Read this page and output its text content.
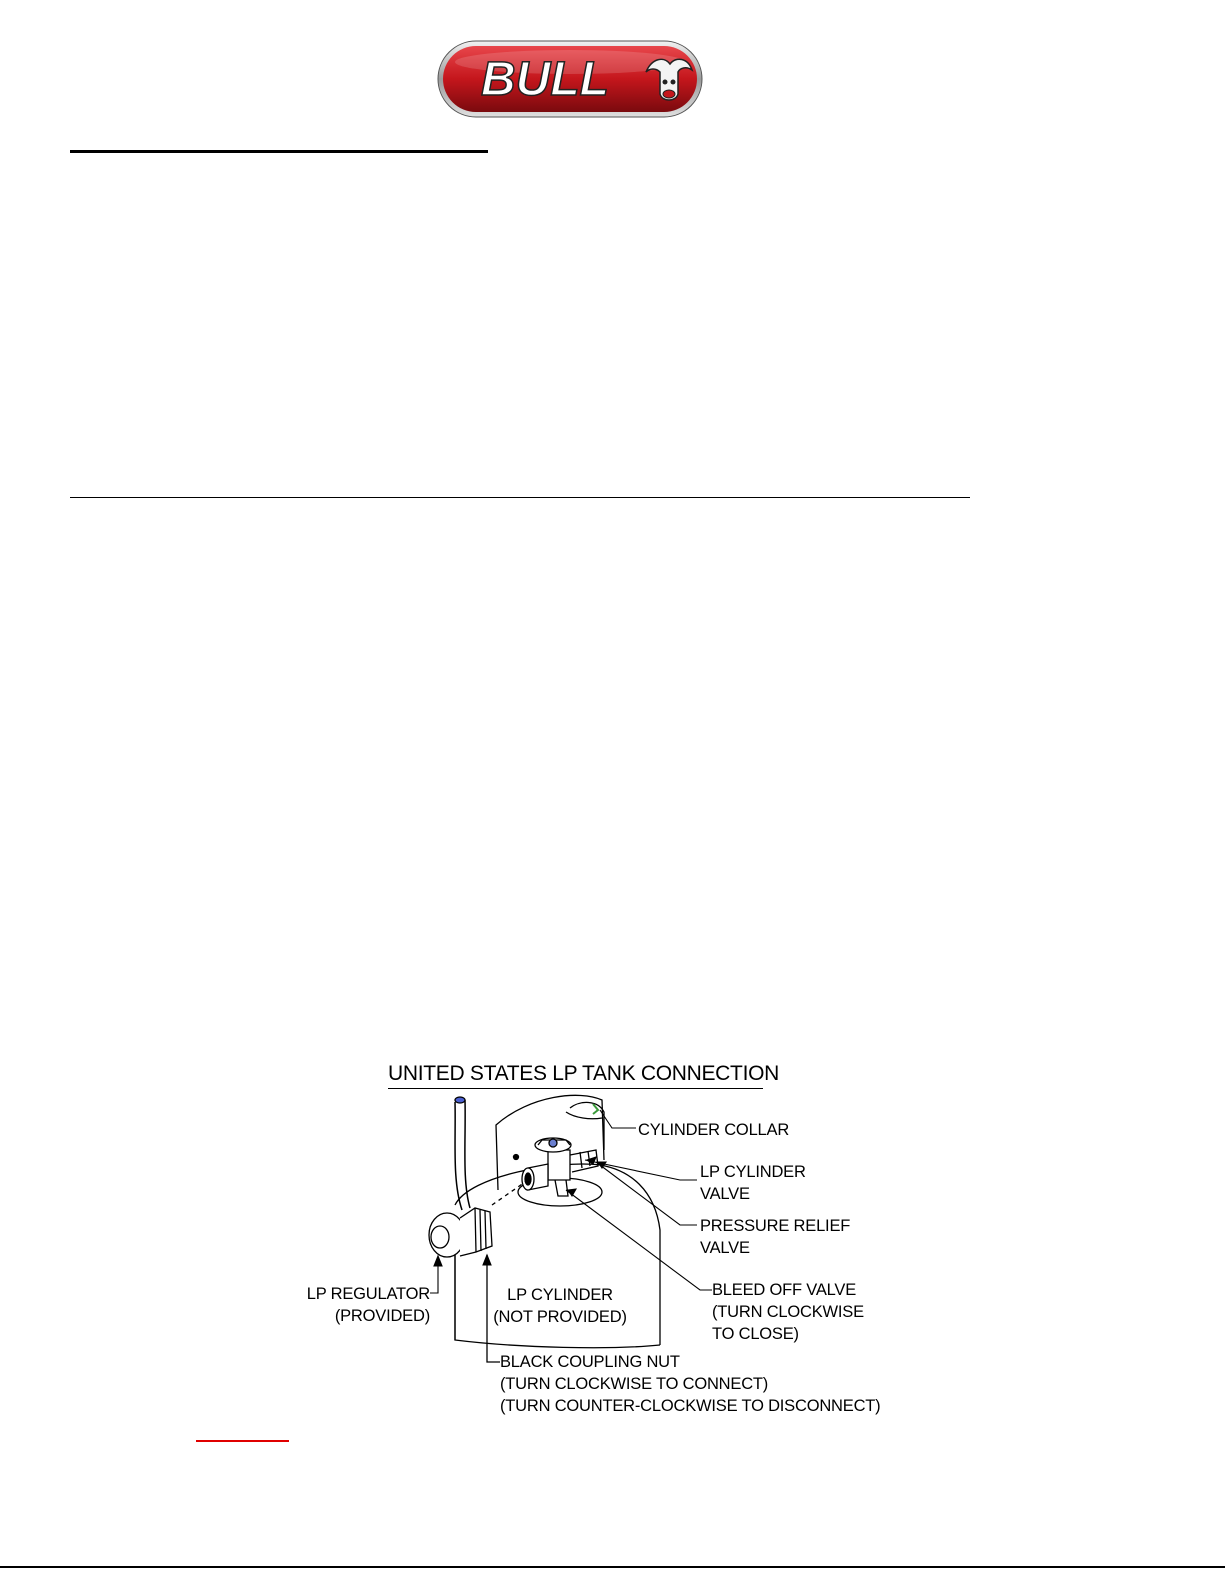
BULL
UNITED STATES LP TANK CONNECTION
CYLINDER COLLAR
LP CYLINDER
VALVE
PRESSURE RELIEF
VALVE
BLEED OFF VALVE
(TURN CLOCKWISE
TO CLOSE)
LP REGULATOR
(PROVIDED)
LP CYLINDER
(NOT PROVIDED)
BLACK COUPLING NUT
(TURN CLOCKWISE TO CONNECT)
(TURN COUNTER-CLOCKWISE TO DISCONNECT)
